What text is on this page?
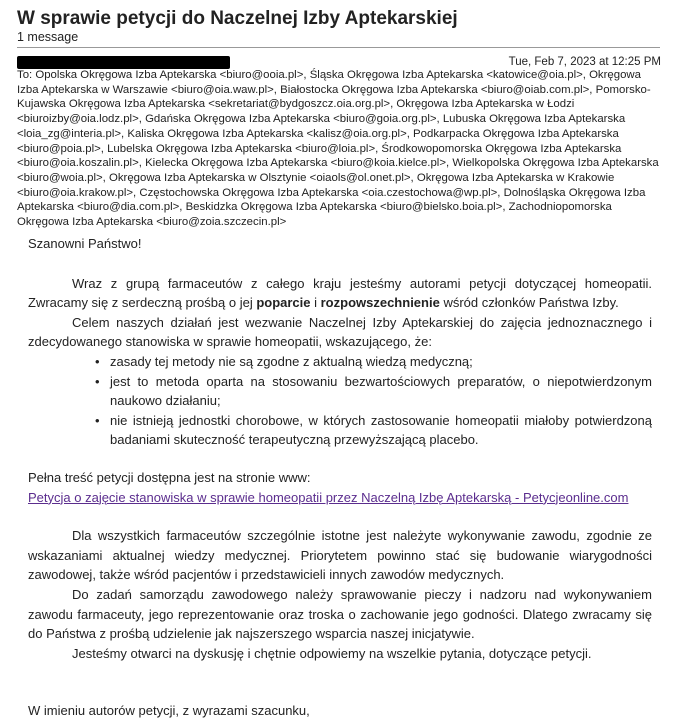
W sprawie petycji do Naczelnej Izby Aptekarskiej
1 message
Tue, Feb 7, 2023 at 12:25 PM

To: Opolska Okręgowa Izba Aptekarska <biuro@ooia.pl>, Śląska Okręgowa Izba Aptekarska <katowice@oia.pl>, Okręgowa Izba Aptekarska w Warszawie <biuro@oia.waw.pl>, Białostocka Okręgowa Izba Aptekarska <biuro@oiab.com.pl>, Pomorsko-Kujawska Okręgowa Izba Aptekarska <sekretariat@bydgoszcz.oia.org.pl>, Okręgowa Izba Aptekarska w Łodzi <biuroizby@oia.lodz.pl>, Gdańska Okręgowa Izba Aptekarska <biuro@goia.org.pl>, Lubuska Okręgowa Izba Aptekarska <loia_zg@interia.pl>, Kaliska Okręgowa Izba Aptekarska <kalisz@oia.org.pl>, Podkarpacka Okręgowa Izba Aptekarska <biuro@poia.pl>, Lubelska Okręgowa Izba Aptekarska <biuro@loia.pl>, Środkowopomorska Okręgowa Izba Aptekarska <biuro@oia.koszalin.pl>, Kielecka Okręgowa Izba Aptekarska <biuro@koia.kielce.pl>, Wielkopolska Okręgowa Izba Aptekarska <biuro@woia.pl>, Okręgowa Izba Aptekarska w Olsztynie <oiaols@ol.onet.pl>, Okręgowa Izba Aptekarska w Krakowie <biuro@oia.krakow.pl>, Częstochowska Okręgowa Izba Aptekarska <oia.czestochowa@wp.pl>, Dolnośląska Okręgowa Izba Aptekarska <biuro@dia.com.pl>, Beskidzka Okręgowa Izba Aptekarska <biuro@bielsko.boia.pl>, Zachodniopomorska Okręgowa Izba Aptekarska <biuro@zoia.szczecin.pl>

Szanowni Państwo!

Wraz z grupą farmaceutów z całego kraju jesteśmy autorami petycji dotyczącej homeopatii. Zwracamy się z serdeczną prośbą o jej poparcie i rozpowszechnienie wśród członków Państwa Izby.

Celem naszych działań jest wezwanie Naczelnej Izby Aptekarskiej do zajęcia jednoznacznego i zdecydowanego stanowiska w sprawie homeopatii, wskazującego, że:

• zasady tej metody nie są zgodne z aktualną wiedzą medyczną;
• jest to metoda oparta na stosowaniu bezwartościowych preparatów, o niepotwierdzonym naukowo działaniu;
• nie istnieją jednostki chorobowe, w których zastosowanie homeopatii miałoby potwierdzoną badaniami skuteczność terapeutyczną przewyższającą placebo.

Pełna treść petycji dostępna jest na stronie www:

Petycja o zajęcie stanowiska w sprawie homeopatii przez Naczelną Izbę Aptekarską - Petycjeonline.com

Dla wszystkich farmaceutów szczególnie istotne jest należyte wykonywanie zawodu, zgodnie ze wskazaniami aktualnej wiedzy medycznej. Priorytetem powinno stać się budowanie wiarygodności zawodowej, także wśród pacjentów i przedstawicieli innych zawodów medycznych.

Do zadań samorządu zawodowego należy sprawowanie pieczy i nadzoru nad wykonywaniem zawodu farmaceuty, jego reprezentowanie oraz troska o zachowanie jego godności. Dlatego zwracamy się do Państwa z prośbą udzielenie jak najszerszego wsparcia naszej inicjatywie.

Jesteśmy otwarci na dyskusję i chętnie odpowiemy na wszelkie pytania, dotyczące petycji.

W imieniu autorów petycji, z wyrazami szacunku,
